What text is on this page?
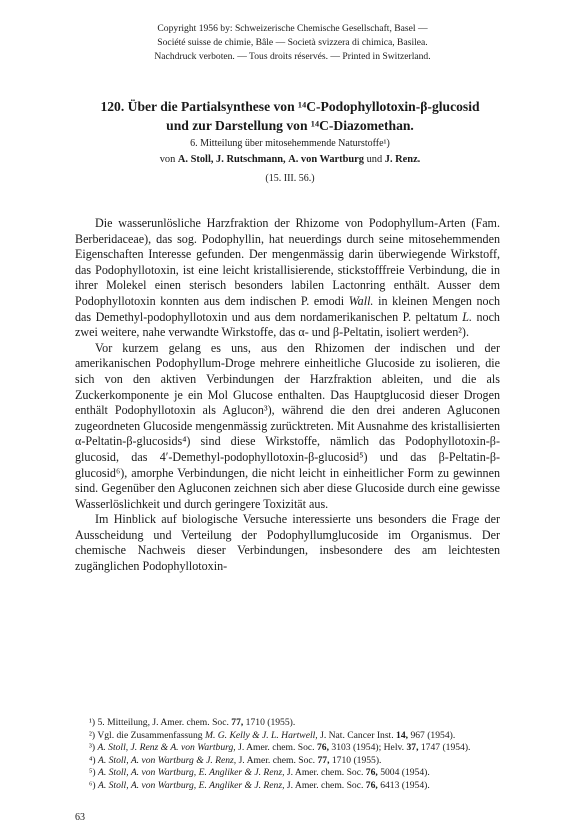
Copyright 1956 by: Schweizerische Chemische Gesellschaft, Basel —
Société suisse de chimie, Bâle — Società svizzera di chimica, Basilea.
Nachdruck verboten. — Tous droits réservés. — Printed in Switzerland.
120. Über die Partialsynthese von ¹⁴C-Podophyllotoxin-β-glucosid
und zur Darstellung von ¹⁴C-Diazomethan.
6. Mitteilung über mitosehemmende Naturstoffe¹)
von A. Stoll, J. Rutschmann, A. von Wartburg und J. Renz.
(15. III. 56.)

Die wasserunlösliche Harzfraktion der Rhizome von Podophyllum-Arten (Fam. Berberidaceae), das sog. Podophyllin, hat neuerdings durch seine mitosehemmenden Eigenschaften Interesse gefunden. Der mengenmässig darin überwiegende Wirkstoff, das Podophyllotoxin, ist eine leicht kristallisierende, stickstofffreie Verbindung, die in ihrer Molekel einen sterisch besonders labilen Lactonring enthält. Ausser dem Podophyllotoxin konnten aus dem indischen P. emodi Wall. in kleinen Mengen noch das Demethyl-podophyllotoxin und aus dem nordamerikanischen P. peltatum L. noch zwei weitere, nahe verwandte Wirkstoffe, das α- und β-Peltatin, isoliert werden²).

Vor kurzem gelang es uns, aus den Rhizomen der indischen und der amerikanischen Podophyllum-Droge mehrere einheitliche Glucoside zu isolieren, die sich von den aktiven Verbindungen der Harzfraktion ableiten, und die als Zuckerkomponente je ein Mol Glucose enthalten. Das Hauptglucosid dieser Drogen enthält Podophyllotoxin als Aglucon³), während die den drei anderen Agluconen zugeordneten Glucoside mengenmässig zurücktreten. Mit Ausnahme des kristallisierten α-Peltatin-β-glucosids⁴) sind diese Wirkstoffe, nämlich das Podophyllotoxin-β-glucosid, das 4′-Demethyl-podophyllotoxin-β-glucosid⁵) und das β-Peltatin-β-glucosid⁶), amorphe Verbindungen, die nicht leicht in einheitlicher Form zu gewinnen sind. Gegenüber den Agluconen zeichnen sich aber diese Glucoside durch eine gewisse Wasserlöslichkeit und durch geringere Toxizität aus.

Im Hinblick auf biologische Versuche interessierte uns besonders die Frage der Ausscheidung und Verteilung der Podophyllumglucoside im Organismus. Der chemische Nachweis dieser Verbindungen, insbesondere des am leichtesten zugänglichen Podophyllotoxin-

¹) 5. Mitteilung, J. Amer. chem. Soc. 77, 1710 (1955).

²) Vgl. die Zusammenfassung M. G. Kelly & J. L. Hartwell, J. Nat. Cancer Inst. 14, 967 (1954).

³) A. Stoll, J. Renz & A. von Wartburg, J. Amer. chem. Soc. 76, 3103 (1954); Helv. 37, 1747 (1954).

⁴) A. Stoll, A. von Wartburg & J. Renz, J. Amer. chem. Soc. 77, 1710 (1955).

⁵) A. Stoll, A. von Wartburg, E. Angliker & J. Renz, J. Amer. chem. Soc. 76, 5004 (1954).

⁶) A. Stoll, A. von Wartburg, E. Angliker & J. Renz, J. Amer. chem. Soc. 76, 6413 (1954).

63
